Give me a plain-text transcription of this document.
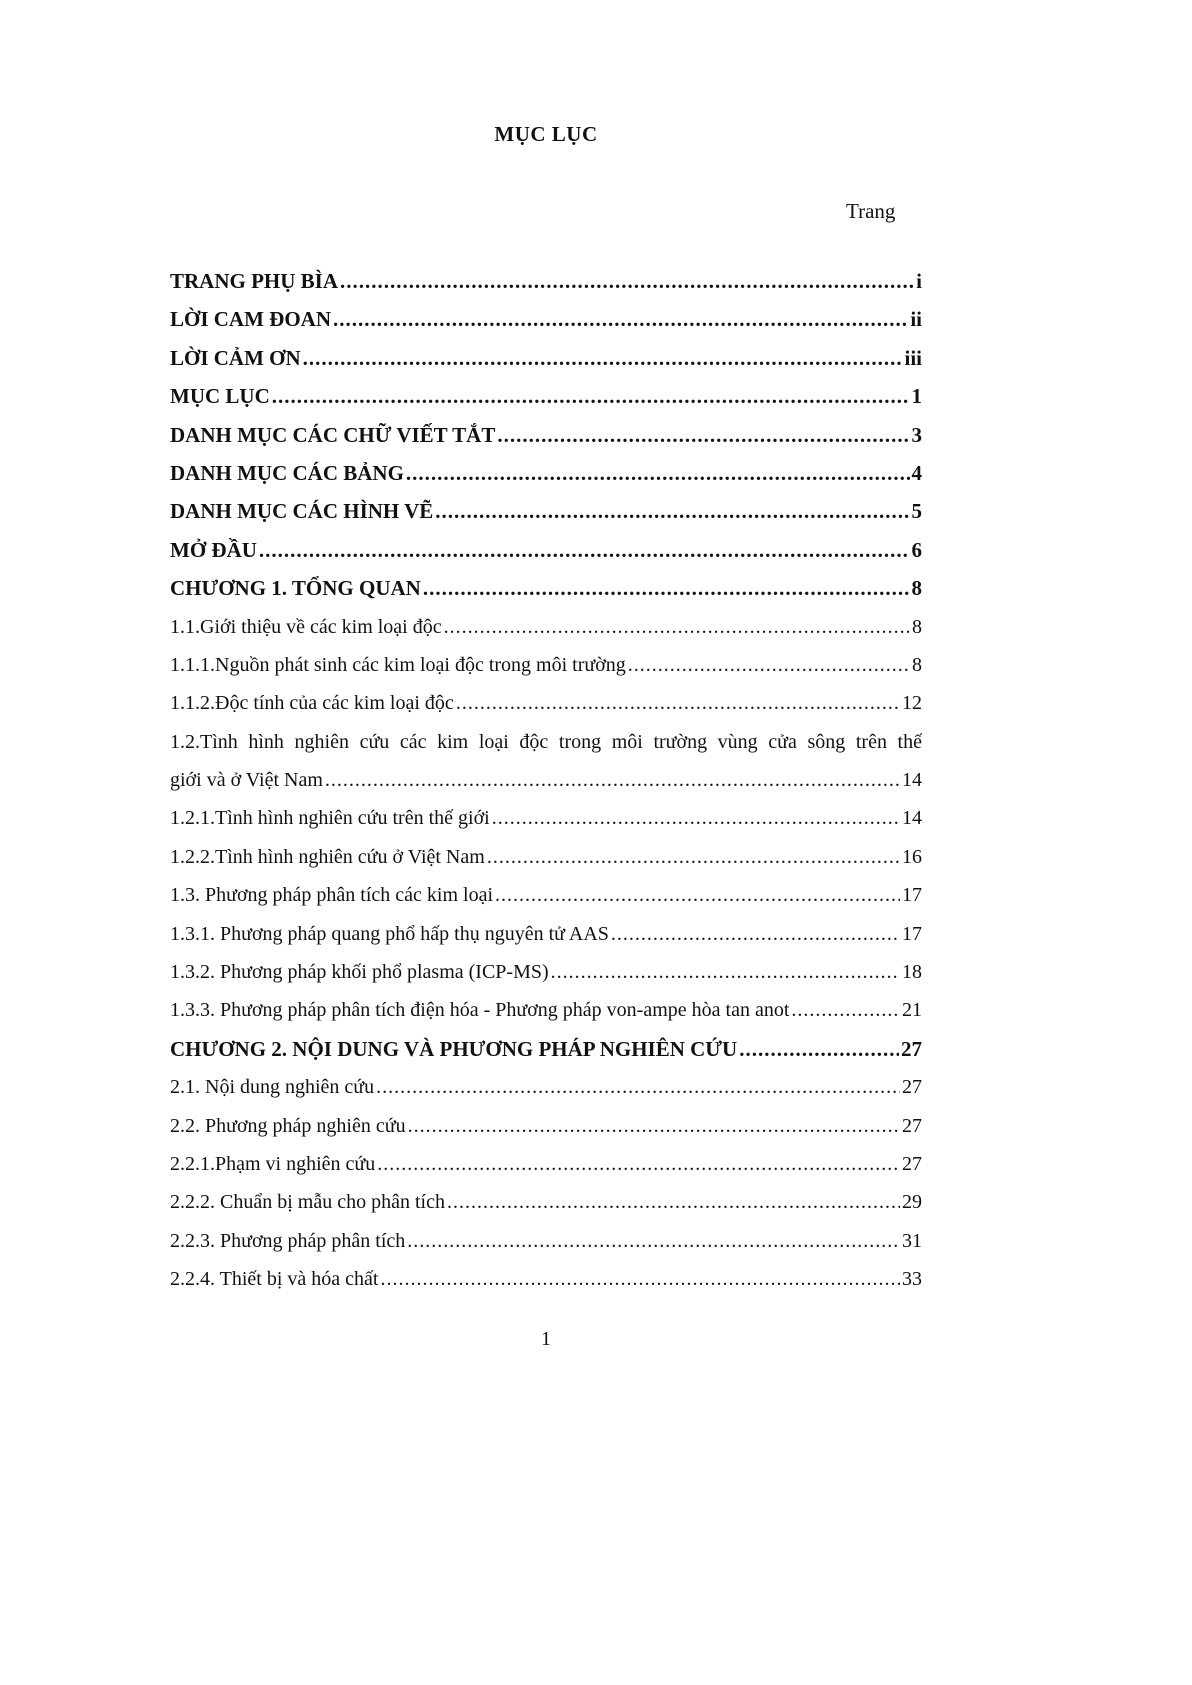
MỤC LỤC
Trang
TRANG PHỤ BÌA .....	i
LỜI CAM ĐOAN .....	ii
LỜI CẢM ƠN .....	iii
MỤC LỤC .....	1
DANH MỤC CÁC CHỮ VIẾT TẮT .....	3
DANH MỤC CÁC BẢNG .....	4
DANH MỤC CÁC HÌNH VẼ .....	5
MỞ ĐẦU .....	6
CHƯƠNG 1. TỔNG QUAN .....	8
1.1.Giới thiệu về các kim loại độc .....	8
1.1.1.Nguồn phát sinh các kim loại độc trong môi trường .....	8
1.1.2.Độc tính của các kim loại độc .....	12
1.2.Tình hình nghiên cứu các kim loại độc trong môi trường vùng cửa sông trên thế
giới và ở Việt Nam .....	14
1.2.1.Tình hình nghiên cứu trên thế giới .....	14
1.2.2.Tình hình nghiên cứu ở Việt Nam .....	16
1.3. Phương pháp phân tích các kim loại .....	17
1.3.1. Phương pháp quang phổ hấp thụ nguyên tử AAS .....	17
1.3.2. Phương pháp khối phổ plasma (ICP-MS) .....	18
1.3.3. Phương pháp phân tích điện hóa - Phương pháp von-ampe hòa tan anot .....	21
CHƯƠNG 2. NỘI DUNG VÀ PHƯƠNG PHÁP NGHIÊN CỨU .....	27
2.1. Nội dung nghiên cứu .....	27
2.2. Phương pháp nghiên cứu .....	27
2.2.1.Phạm vi nghiên cứu .....	27
2.2.2. Chuẩn bị mẫu cho phân tích .....	29
2.2.3. Phương pháp phân tích .....	31
2.2.4. Thiết bị và hóa chất .....	33
1
